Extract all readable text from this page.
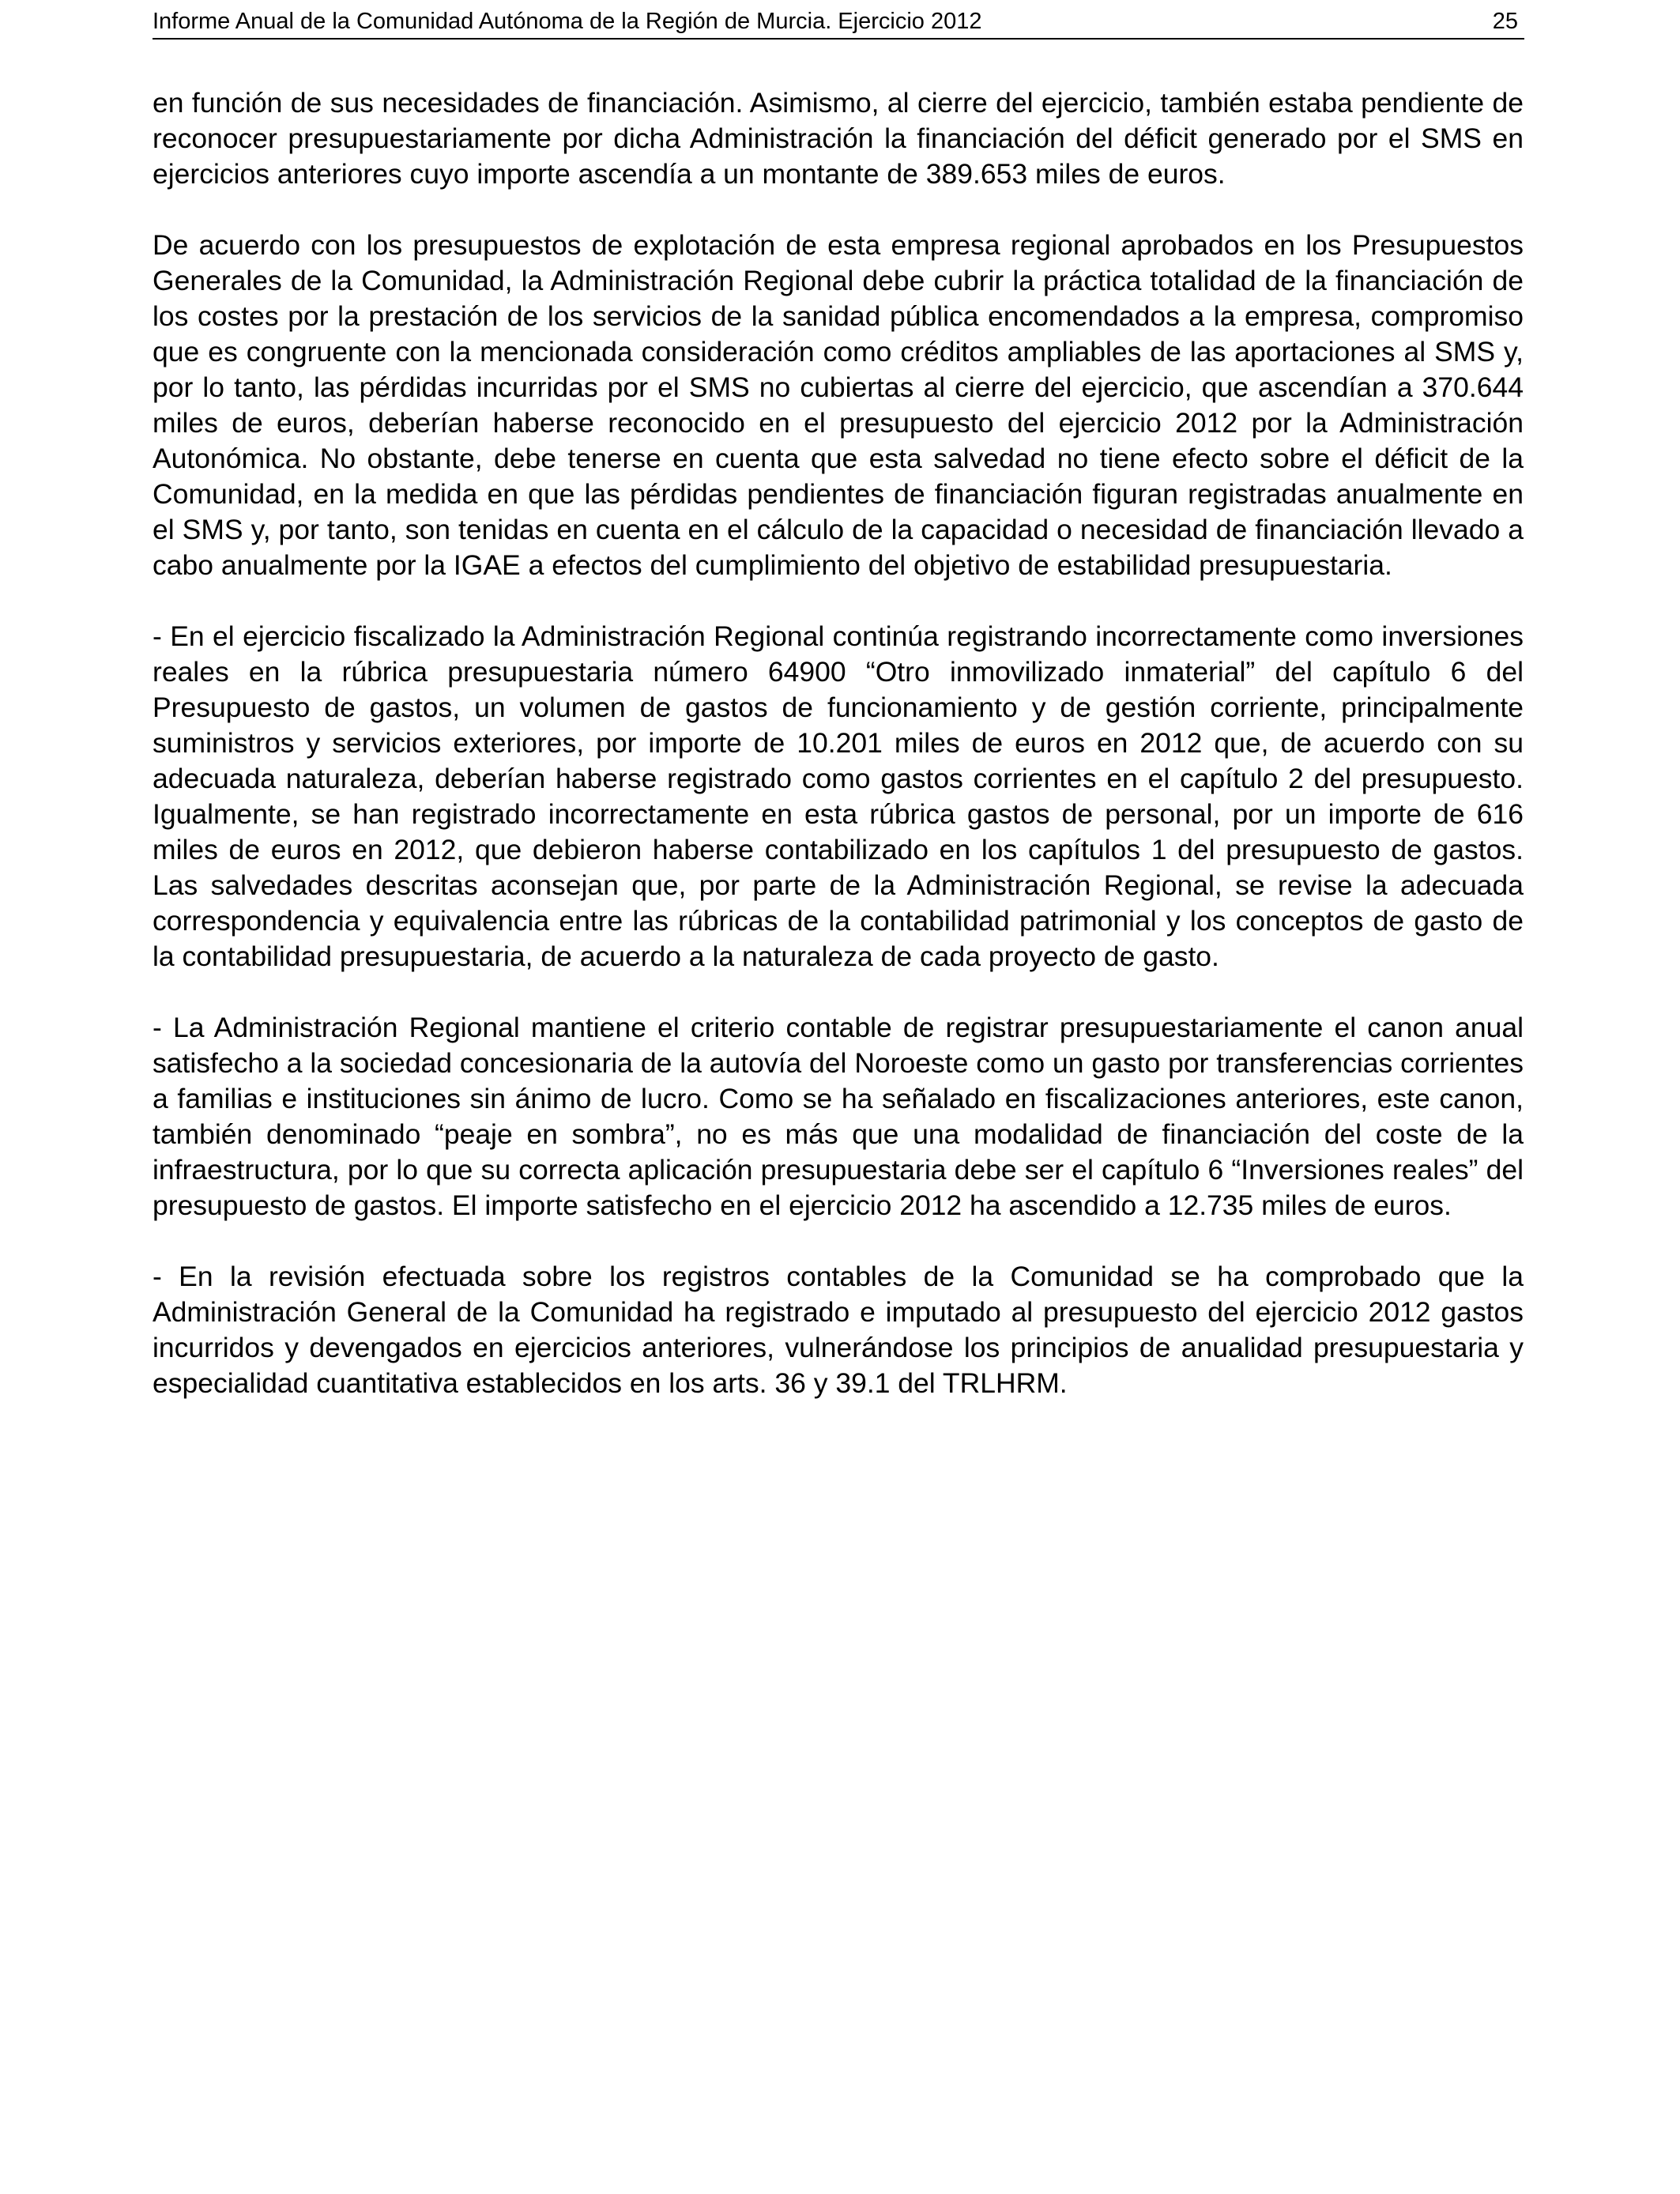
Informe Anual de la Comunidad Autónoma de la Región de Murcia. Ejercicio 2012	25

en función de sus necesidades de financiación. Asimismo, al cierre del ejercicio, también estaba pendiente de reconocer presupuestariamente por dicha Administración la financiación del déficit generado por el SMS en ejercicios anteriores cuyo importe ascendía a un montante de 389.653 miles de euros.

De acuerdo con los presupuestos de explotación de esta empresa regional aprobados en los Presupuestos Generales de la Comunidad, la Administración Regional debe cubrir la práctica totalidad de la financiación de los costes por la prestación de los servicios de la sanidad pública encomendados a la empresa, compromiso que es congruente con la mencionada consideración como créditos ampliables de las aportaciones al SMS y, por lo tanto, las pérdidas incurridas por el SMS no cubiertas al cierre del ejercicio, que ascendían a 370.644 miles de euros, deberían haberse reconocido en el presupuesto del ejercicio 2012 por la Administración Autonómica. No obstante, debe tenerse en cuenta que esta salvedad no tiene efecto sobre el déficit de la Comunidad, en la medida en que las pérdidas pendientes de financiación figuran registradas anualmente en el SMS y, por tanto, son tenidas en cuenta en el cálculo de la capacidad o necesidad de financiación llevado a cabo anualmente por la IGAE a efectos del cumplimiento del objetivo de estabilidad presupuestaria.

- En el ejercicio fiscalizado la Administración Regional continúa registrando incorrectamente como inversiones reales en la rúbrica presupuestaria número 64900 “Otro inmovilizado inmaterial” del capítulo 6 del Presupuesto de gastos, un volumen de gastos de funcionamiento y de gestión corriente, principalmente suministros y servicios exteriores, por importe de 10.201 miles de euros en 2012 que, de acuerdo con su adecuada naturaleza, deberían haberse registrado como gastos corrientes en el capítulo 2 del presupuesto. Igualmente, se han registrado incorrectamente en esta rúbrica gastos de personal, por un importe de 616 miles de euros en 2012, que debieron haberse contabilizado en los capítulos 1 del presupuesto de gastos. Las salvedades descritas aconsejan que, por parte de la Administración Regional, se revise la adecuada correspondencia y equivalencia entre las rúbricas de la contabilidad patrimonial y los conceptos de gasto de la contabilidad presupuestaria, de acuerdo a la naturaleza de cada proyecto de gasto.

- La Administración Regional mantiene el criterio contable de registrar presupuestariamente el canon anual satisfecho a la sociedad concesionaria de la autovía del Noroeste como un gasto por transferencias corrientes a familias e instituciones sin ánimo de lucro. Como se ha señalado en fiscalizaciones anteriores, este canon, también denominado “peaje en sombra”, no es más que una modalidad de financiación del coste de la infraestructura, por lo que su correcta aplicación presupuestaria debe ser el capítulo 6 “Inversiones reales” del presupuesto de gastos. El importe satisfecho en el ejercicio 2012 ha ascendido a 12.735 miles de euros.

- En la revisión efectuada sobre los registros contables de la Comunidad se ha comprobado que la Administración General de la Comunidad ha registrado e imputado al presupuesto del ejercicio 2012 gastos incurridos y devengados en ejercicios anteriores, vulnerándose los principios de anualidad presupuestaria y especialidad cuantitativa establecidos en los arts. 36 y 39.1 del TRLHRM.
